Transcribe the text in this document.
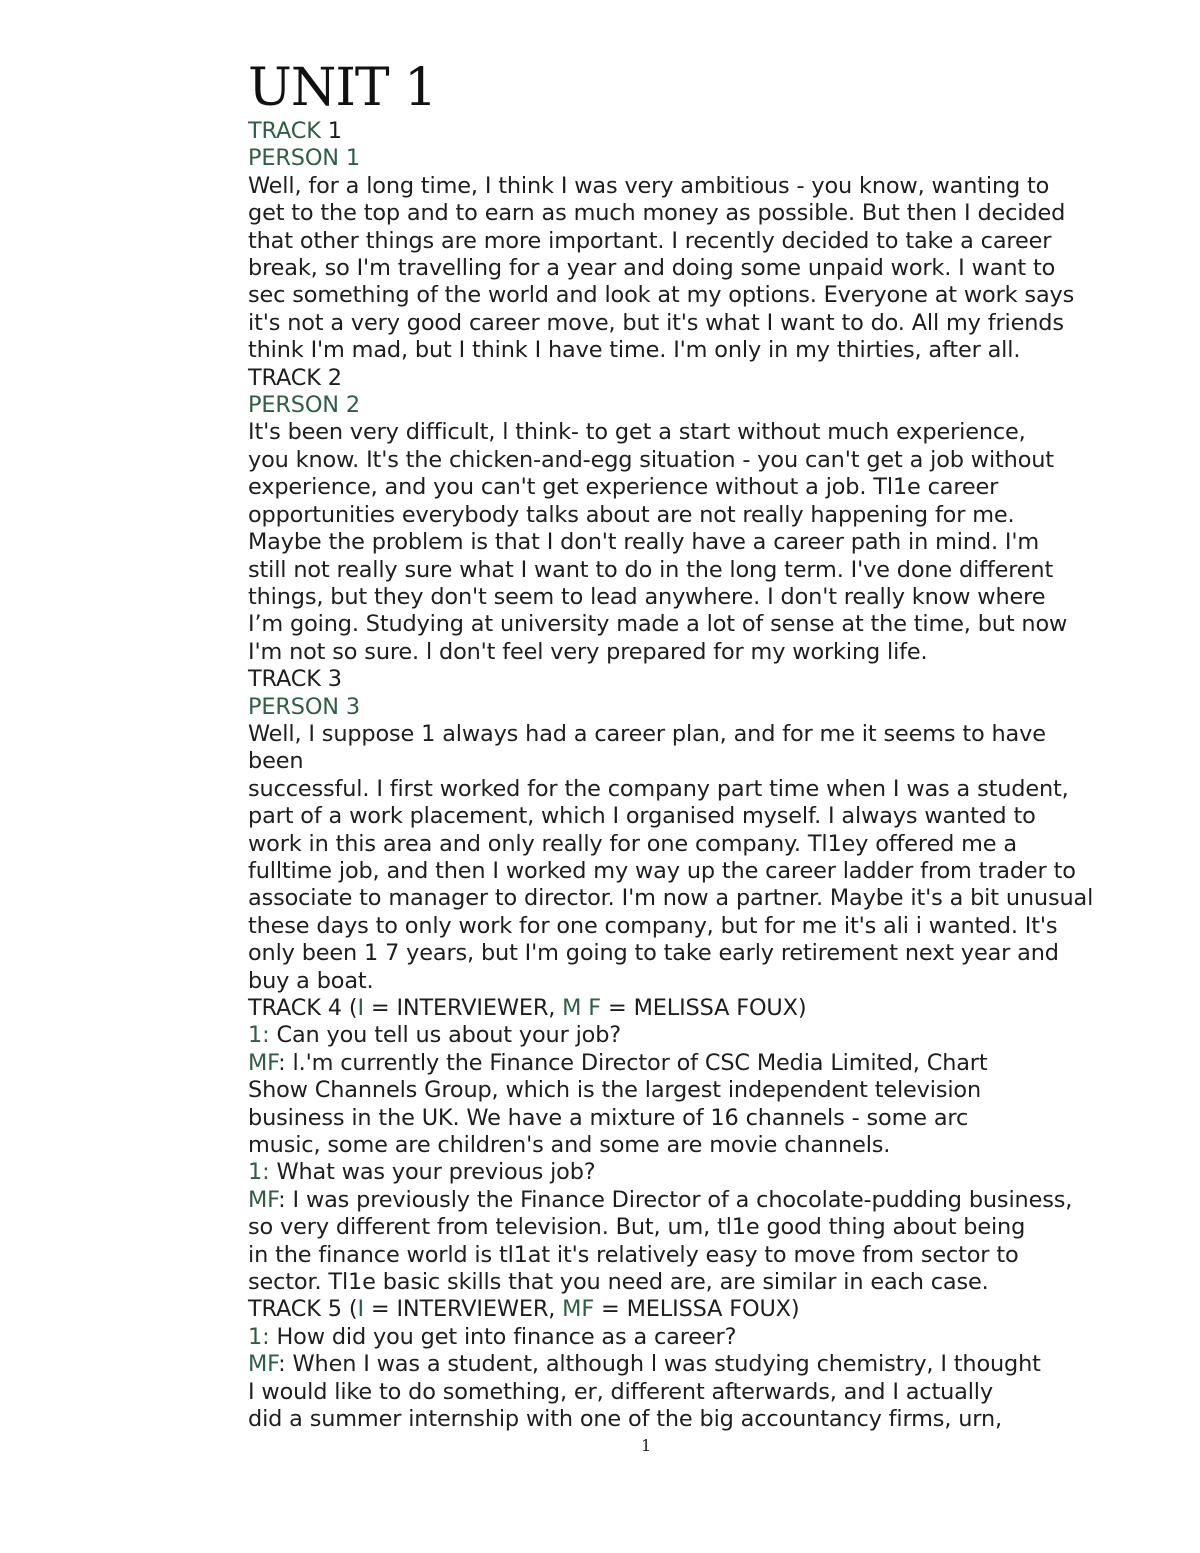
UNIT 1
TRACK 1
PERSON 1
Well, for a long time, I think I was very ambitious - you know, wanting to
get to the top and to earn as much money as possible. But then I decided
that other things are more important. I recently decided to take a career
break, so I'm travelling for a year and doing some unpaid work. I want to
sec something of the world and look at my options. Everyone at work says
it's not a very good career move, but it's what I want to do. All my friends
think I'm mad, but I think I have time. I'm only in my thirties, after all.
TRACK 2
PERSON 2
It's been very difficult, l think- to get a start without much experience,
you know. It's the chicken-and-egg situation - you can't get a job without
experience, and you can't get experience without a job. Tl1e career
opportunities everybody talks about are not really happening for me.
Maybe the problem is that I don't really have a career path in mind. I'm
still not really sure what I want to do in the long term. I've done different
things, but they don't seem to lead anywhere. I don't really know where
I’m going. Studying at university made a lot of sense at the time, but now
I'm not so sure. l don't feel very prepared for my working life.
TRACK 3
PERSON 3
Well, I suppose 1 always had a career plan, and for me it seems to have
been
successful. I first worked for the company part time when I was a student,
part of a work placement, which I organised myself. I always wanted to
work in this area and only really for one company. Tl1ey offered me a
fulltime job, and then I worked my way up the career ladder from trader to
associate to manager to director. I'm now a partner. Maybe it's a bit unusual
these days to only work for one company, but for me it's ali i wanted. It's
only been 1 7 years, but I'm going to take early retirement next year and
buy a boat.
TRACK 4 (I = INTERVIEWER, M F = MELISSA FOUX)
1: Can you tell us about your job?
MF: l.'m currently the Finance Director of CSC Media Limited, Chart
Show Channels Group, which is the largest independent television
business in the UK. We have a mixture of 16 channels - some arc
music, some are children's and some are movie channels.
1: What was your previous job?
MF: I was previously the Finance Director of a chocolate-pudding business,
so very different from television. But, um, tl1e good thing about being
in the finance world is tl1at it's relatively easy to move from sector to
sector. Tl1e basic skills that you need are, are similar in each case.
TRACK 5 (I = INTERVIEWER, MF = MELISSA FOUX)
1: How did you get into finance as a career?
MF: When I was a student, although l was studying chemistry, I thought
I would like to do something, er, different afterwards, and I actually
did a summer internship with one of the big accountancy firms, urn,
1
